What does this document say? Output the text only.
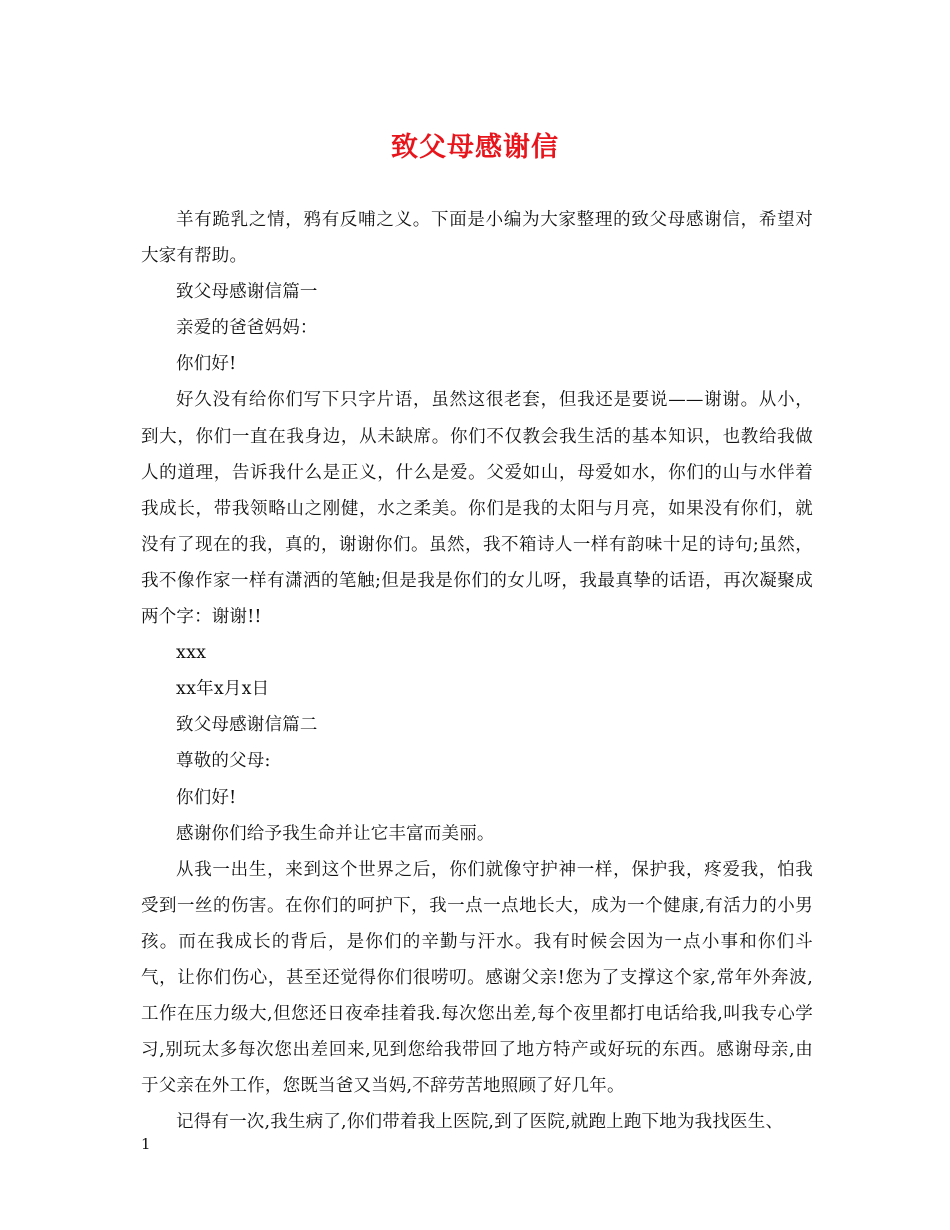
致父母感谢信

羊有跪乳之情，鸦有反哺之义。下面是小编为大家整理的致父母感谢信，希望对大家有帮助。

致父母感谢信篇一

亲爱的爸爸妈妈：

你们好!

好久没有给你们写下只字片语，虽然这很老套，但我还是要说——谢谢。从小，到大，你们一直在我身边，从未缺席。你们不仅教会我生活的基本知识，也教给我做人的道理，告诉我什么是正义，什么是爱。父爱如山，母爱如水，你们的山与水伴着我成长，带我领略山之刚健，水之柔美。你们是我的太阳与月亮，如果没有你们，就没有了现在的我，真的，谢谢你们。虽然，我不箱诗人一样有韵味十足的诗句;虽然，我不像作家一样有潇洒的笔触;但是我是你们的女儿呀，我最真挚的话语，再次凝聚成两个字：谢谢!!

xxx

xx年x月x日

致父母感谢信篇二

尊敬的父母:

你们好!

感谢你们给予我生命并让它丰富而美丽。

从我一出生，来到这个世界之后，你们就像守护神一样，保护我，疼爱我，怕我受到一丝的伤害。在你们的呵护下，我一点一点地长大，成为一个健康,有活力的小男孩。而在我成长的背后，是你们的辛勤与汗水。我有时候会因为一点小事和你们斗气，让你们伤心，甚至还觉得你们很唠叨。感谢父亲!您为了支撑这个家,常年外奔波,工作在压力级大,但您还日夜牵挂着我.每次您出差,每个夜里都打电话给我,叫我专心学习,别玩太多每次您出差回来,见到您给我带回了地方特产或好玩的东西。感谢母亲,由于父亲在外工作，您既当爸又当妈,不辞劳苦地照顾了好几年。

记得有一次,我生病了,你们带着我上医院,到了医院,就跑上跑下地为我找医生、

1
